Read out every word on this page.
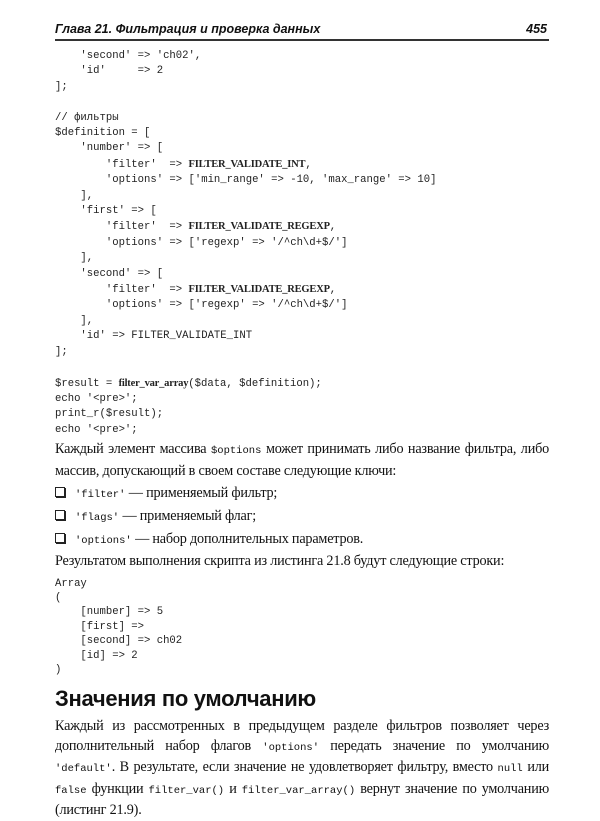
Глава 21. Фильтрация и проверка данных	455
'second' => 'ch02',
'id'     => 2
];
// фильтры
$definition = [
'number' => [
'filter'  => FILTER_VALIDATE_INT,
'options' => ['min_range' => -10, 'max_range' => 10]
],
'first' => [
'filter'  => FILTER_VALIDATE_REGEXP,
'options' => ['regexp' => '/^ch\d+$/']
],
'second' => [
'filter'  => FILTER_VALIDATE_REGEXP,
'options' => ['regexp' => '/^ch\d+$/']
],
'id' => FILTER_VALIDATE_INT
];
$result = filter_var_array($data, $definition);
echo '<pre>';
print_r($result);
echo '<pre>';
Каждый элемент массива $options может принимать либо название фильтра, либо массив, допускающий в своем составе следующие ключи:
'filter' — применяемый фильтр;
'flags' — применяемый флаг;
'options' — набор дополнительных параметров.
Результатом выполнения скрипта из листинга 21.8 будут следующие строки:
Array
(
[number] => 5
[first] =>
[second] => ch02
[id] => 2
)
Значения по умолчанию
Каждый из рассмотренных в предыдущем разделе фильтров позволяет через дополнительный набор флагов 'options' передать значение по умолчанию 'default'. В результате, если значение не удовлетворяет фильтру, вместо null или false функции filter_var() и filter_var_array() вернут значение по умолчанию (листинг 21.9).
